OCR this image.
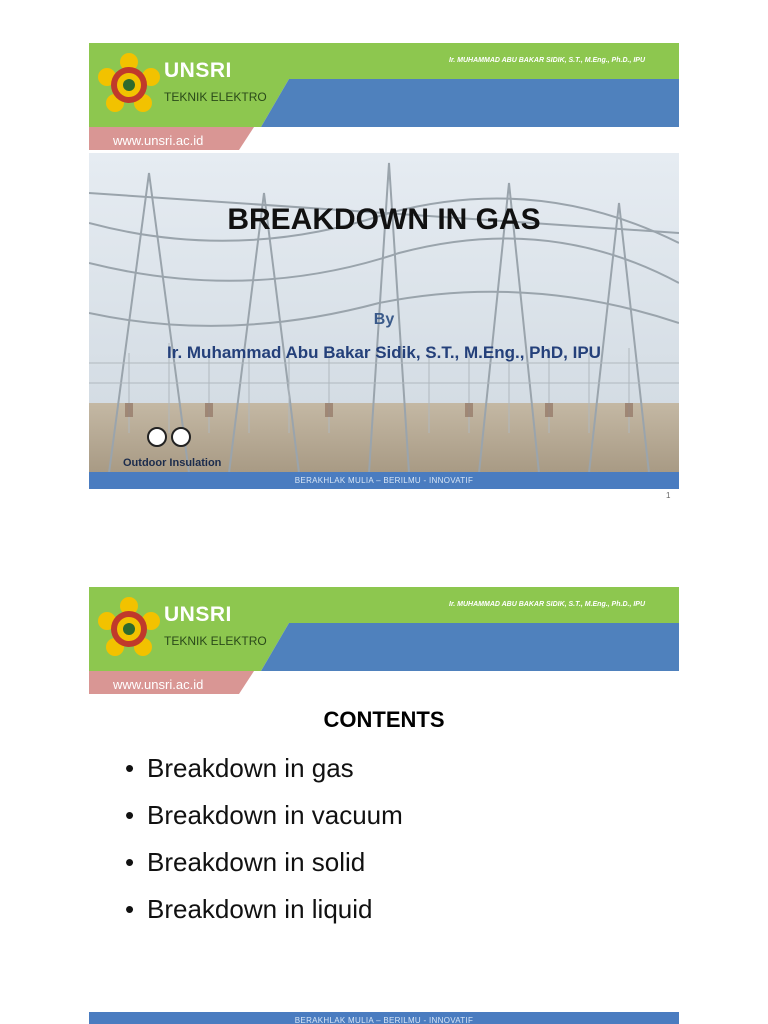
UNSRI
TEKNIK ELEKTRO
Ir. MUHAMMAD ABU BAKAR SIDIK, S.T., M.Eng., Ph.D., IPU
www.unsri.ac.id
BREAKDOWN IN GAS
By
Ir. Muhammad Abu Bakar Sidik, S.T., M.Eng., PhD, IPU
Outdoor Insulation
BERAKHLAK MULIA – BERILMU - INNOVATIF
1
UNSRI
TEKNIK ELEKTRO
Ir. MUHAMMAD ABU BAKAR SIDIK, S.T., M.Eng., Ph.D., IPU
www.unsri.ac.id
CONTENTS
• Breakdown in gas
• Breakdown in vacuum
• Breakdown in solid
• Breakdown in liquid
BERAKHLAK MULIA – BERILMU - INNOVATIF
